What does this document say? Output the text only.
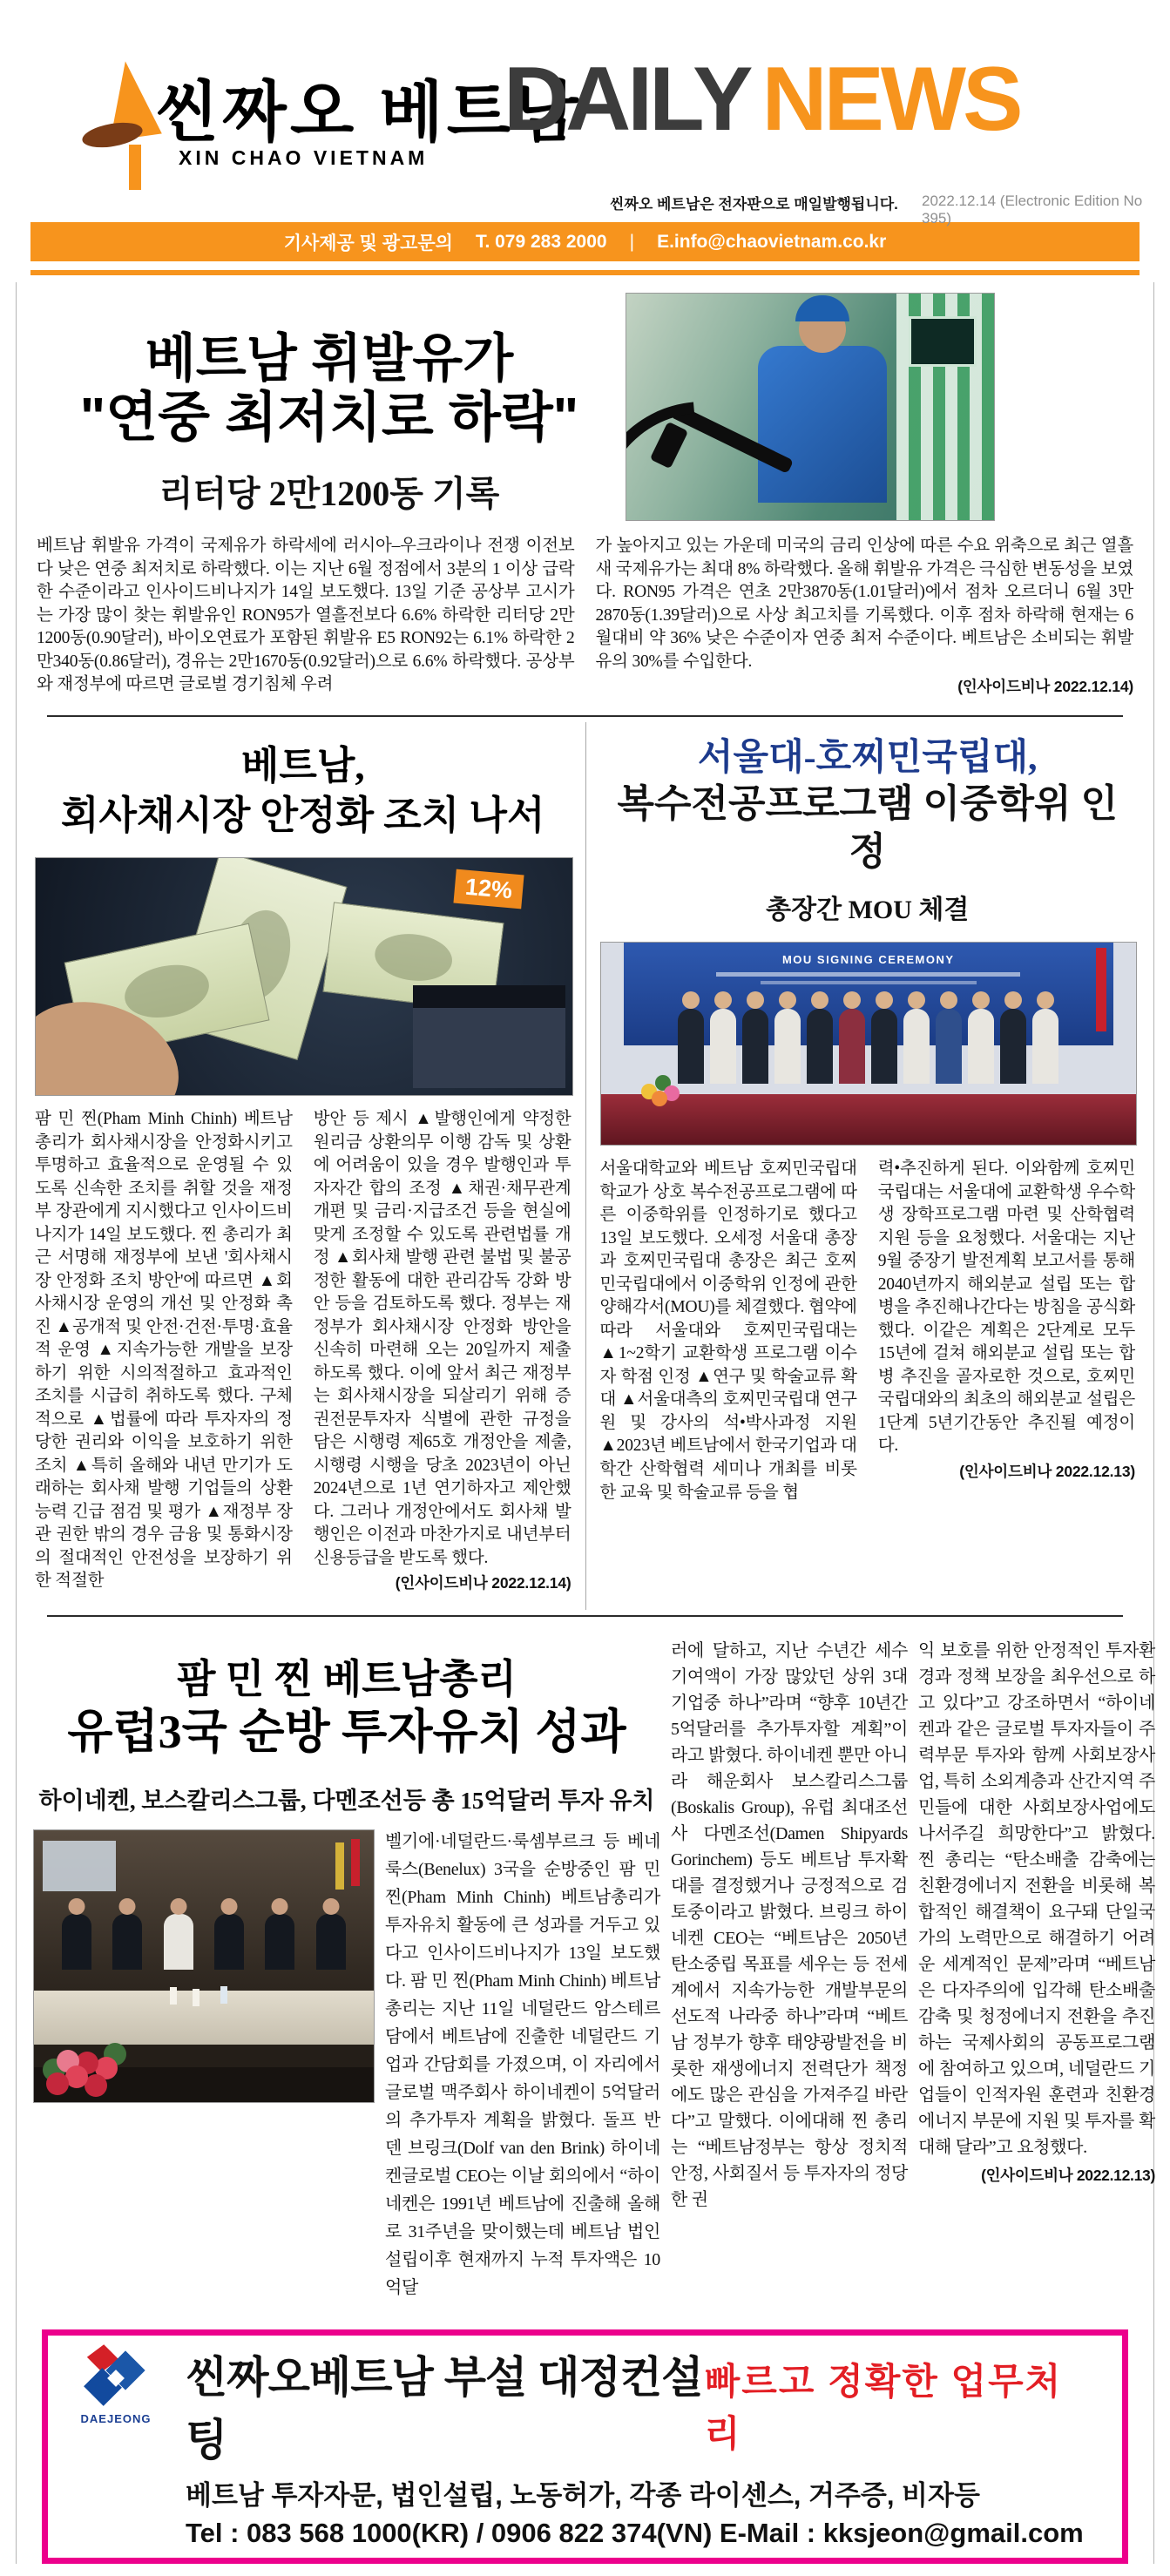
씬짜오 베트남
XIN CHAO VIETNAM
DAILY NEWS
씬짜오 베트남은 전자판으로 매일발행됩니다. 2022.12.14 (Electronic Edition No 395)
기사제공 및 광고문의 T. 079 283 2000 | E.info@chaovietnam.co.kr
베트남 휘발유가
"연중 최저치로 하락"
리터당 2만1200동 기록
베트남 휘발유 가격이 국제유가 하락세에 러시아–우크라이나 전쟁 이전보다 낮은 연중 최저치로 하락했다. 이는 지난 6월 정점에서 3분의 1 이상 급락한 수준이라고 인사이드비나지가 14일 보도했다. 13일 기준 공상부 고시가는 가장 많이 찾는 휘발유인 RON95가 열흘전보다 6.6% 하락한 리터당 2만1200동(0.90달러), 바이오연료가 포함된 휘발유 E5 RON92는 6.1% 하락한 2만340동(0.86달러), 경유는 2만1670동(0.92달러)으로 6.6% 하락했다. 공상부와 재정부에 따르면 글로벌 경기침체 우려
가 높아지고 있는 가운데 미국의 금리 인상에 따른 수요 위축으로 최근 열흘새 국제유가는 최대 8% 하락했다. 올해 휘발유 가격은 극심한 변동성을 보였다. RON95 가격은 연초 2만3870동(1.01달러)에서 점차 오르더니 6월 3만2870동(1.39달러)으로 사상 최고치를 기록했다. 이후 점차 하락해 현재는 6월대비 약 36% 낮은 수준이자 연중 최저 수준이다. 베트남은 소비되는 휘발유의 30%를 수입한다.
(인사이드비나 2022.12.14)
베트남,
회사채시장 안정화 조치 나서
12%
팜 민 찐(Pham Minh Chinh) 베트남 총리가 회사채시장을 안정화시키고 투명하고 효율적으로 운영될 수 있도록 신속한 조치를 취할 것을 재정부 장관에게 지시했다고 인사이드비나지가 14일 보도했다. 찐 총리가 최근 서명해 재정부에 보낸 '회사채시장 안정화 조치 방안'에 따르면 ▲회사채시장 운영의 개선 및 안정화 촉진 ▲공개적 및 안전·건전·투명·효율적 운영 ▲지속가능한 개발을 보장하기 위한 시의적절하고 효과적인 조치를 시급히 취하도록 했다. 구체적으로 ▲법률에 따라 투자자의 정당한 권리와 이익을 보호하기 위한 조치 ▲특히 올해와 내년 만기가 도래하는 회사채 발행 기업들의 상환능력 긴급 점검 및 평가 ▲재정부 장관 권한 밖의 경우 금융 및 통화시장의 절대적인 안전성을 보장하기 위한 적절한
방안 등 제시 ▲발행인에게 약정한 원리금 상환의무 이행 감독 및 상환에 어려움이 있을 경우 발행인과 투자자간 합의 조정 ▲채권·채무관계 개편 및 금리·지급조건 등을 현실에 맞게 조정할 수 있도록 관련법률 개정 ▲회사채 발행 관련 불법 및 불공정한 활동에 대한 관리감독 강화 방안 등을 검토하도록 했다. 정부는 재정부가 회사채시장 안정화 방안을 신속히 마련해 오는 20일까지 제출하도록 했다. 이에 앞서 최근 재정부는 회사채시장을 되살리기 위해 증권전문투자자 식별에 관한 규정을 담은 시행령 제65호 개정안을 제출, 시행령 시행을 당초 2023년이 아닌 2024년으로 1년 연기하자고 제안했다. 그러나 개정안에서도 회사채 발행인은 이전과 마찬가지로 내년부터 신용등급을 받도록 했다.
(인사이드비나 2022.12.14)
서울대-호찌민국립대,
복수전공프로그램 이중학위 인정
총장간 MOU 체결
MOU SIGNING CEREMONY
서울대학교와 베트남 호찌민국립대학교가 상호 복수전공프로그램에 따른 이중학위를 인정하기로 했다고 13일 보도했다. 오세정 서울대 총장과 호찌민국립대 총장은 최근 호찌민국립대에서 이중학위 인정에 관한 양해각서(MOU)를 체결했다. 협약에 따라 서울대와 호찌민국립대는 ▲1~2학기 교환학생 프로그램 이수자 학점 인정 ▲연구 및 학술교류 확대 ▲서울대측의 호찌민국립대 연구원 및 강사의 석•박사과정 지원 ▲2023년 베트남에서 한국기업과 대학간 산학협력 세미나 개최를 비롯한 교육 및 학술교류 등을 협
력•추진하게 된다. 이와함께 호찌민국립대는 서울대에 교환학생 우수학생 장학프로그램 마련 및 산학협력 지원 등을 요청했다. 서울대는 지난 9월 중장기 발전계획 보고서를 통해 2040년까지 해외분교 설립 또는 합병을 추진해나간다는 방침을 공식화했다. 이같은 계획은 2단계로 모두 15년에 걸쳐 해외분교 설립 또는 합병 추진을 골자로한 것으로, 호찌민국립대와의 최초의 해외분교 설립은 1단계 5년기간동안 추진될 예정이다.
(인사이드비나 2022.12.13)
팜 민 찐 베트남총리
유럽3국 순방 투자유치 성과
하이네켄, 보스칼리스그룹, 다멘조선등 총 15억달러 투자 유치
벨기에·네덜란드·룩셈부르크 등 베네룩스(Benelux) 3국을 순방중인 팜 민 찐(Pham Minh Chinh) 베트남총리가 투자유치 활동에 큰 성과를 거두고 있다고 인사이드비나지가 13일 보도했다. 팜 민 찐(Pham Minh Chinh) 베트남총리는 지난 11일 네덜란드 암스테르담에서 베트남에 진출한 네덜란드 기업과 간담회를 가졌으며, 이 자리에서 글로벌 맥주회사 하이네켄이 5억달러의 추가투자 계획을 밝혔다. 돌프 반 덴 브링크(Dolf van den Brink) 하이네켄글로벌 CEO는 이날 회의에서 “하이네켄은 1991년 베트남에 진출해 올해로 31주년을 맞이했는데 베트남 법인 설립이후 현재까지 누적 투자액은 10억달
러에 달하고, 지난 수년간 세수 기여액이 가장 많았던 상위 3대 기업중 하나”라며 “향후 10년간 5억달러를 추가투자할 계획”이라고 밝혔다. 하이네켄 뿐만 아니라 해운회사 보스칼리스그룹(Boskalis Group), 유럽 최대조선사 다멘조선(Damen Shipyards Gorinchem) 등도 베트남 투자확대를 결정했거나 긍정적으로 검토중이라고 밝혔다. 브링크 하이네켄 CEO는 “베트남은 2050년 탄소중립 목표를 세우는 등 전세계에서 지속가능한 개발부문의 선도적 나라중 하나”라며 “베트남 정부가 향후 태양광발전을 비롯한 재생에너지 전력단가 책정에도 많은 관심을 가져주길 바란다”고 말했다. 이에대해 찐 총리는 “베트남정부는 항상 정치적 안정, 사회질서 등 투자자의 정당한 권
익 보호를 위한 안정적인 투자환경과 정책 보장을 최우선으로 하고 있다”고 강조하면서 “하이네켄과 같은 글로벌 투자자들이 주력부문 투자와 함께 사회보장사업, 특히 소외계층과 산간지역 주민들에 대한 사회보장사업에도 나서주길 희망한다”고 밝혔다. 찐 총리는 “탄소배출 감축에는 친환경에너지 전환을 비롯해 복합적인 해결책이 요구돼 단일국가의 노력만으로 해결하기 어려운 세계적인 문제”라며 “베트남은 다자주의에 입각해 탄소배출 감축 및 청정에너지 전환을 추진하는 국제사회의 공동프로그램에 참여하고 있으며, 네덜란드 기업들이 인적자원 훈련과 친환경에너지 부문에 지원 및 투자를 확대해 달라”고 요청했다.
(인사이드비나 2022.12.13)
DAEJEONG
씬짜오베트남 부설 대정컨설팅
빠르고 정확한 업무처리
베트남 투자자문, 법인설립, 노동허가, 각종 라이센스, 거주증, 비자등
Tel : 083 568 1000(KR) / 0906 822 374(VN) E-Mail : kksjeon@gmail.com
